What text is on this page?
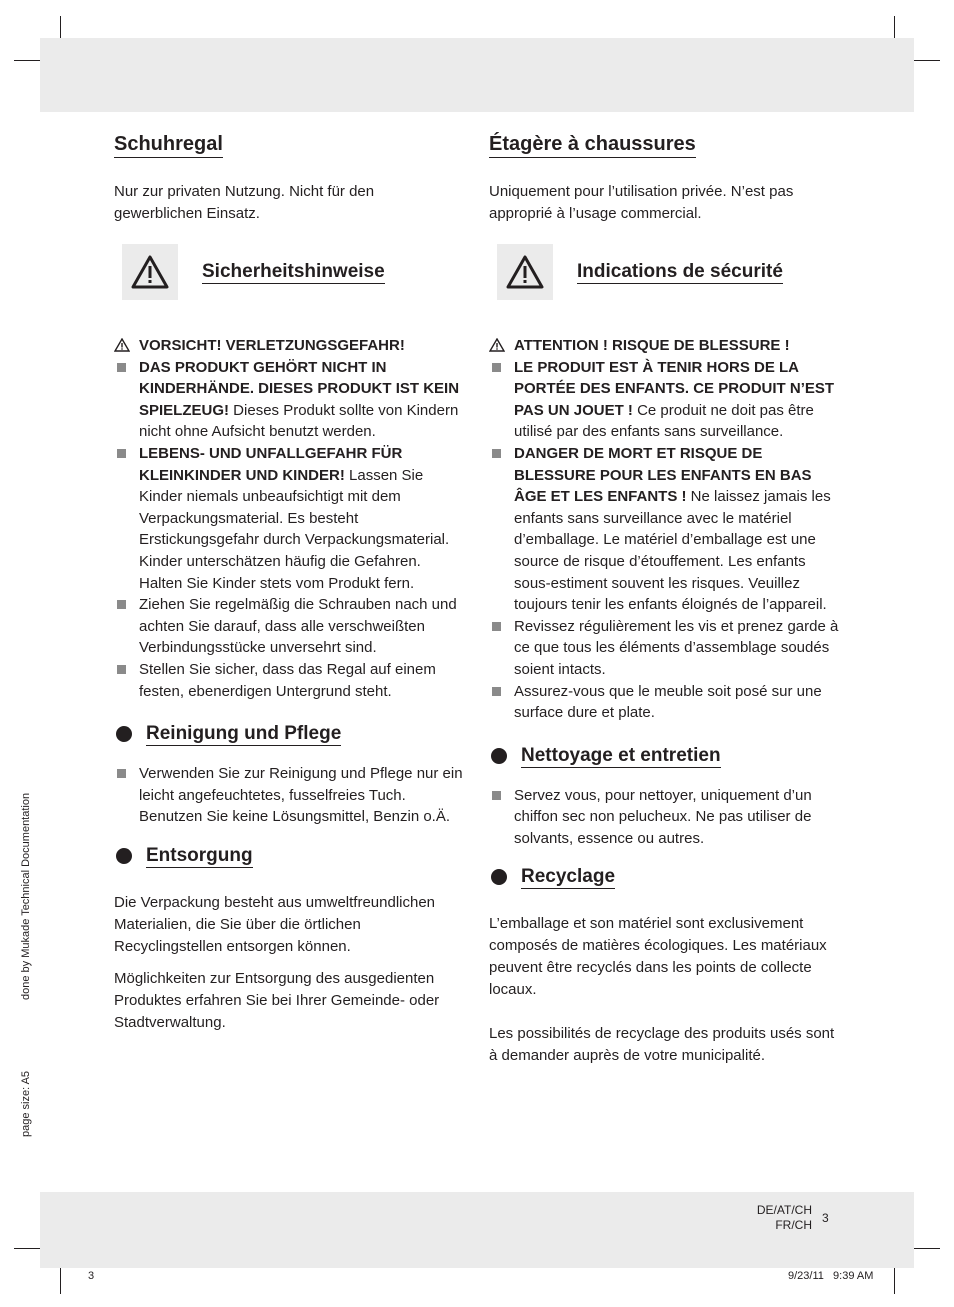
Schuhregal

Nur zur privaten Nutzung. Nicht für den gewerblichen Einsatz.

Sicherheitshinweise
VORSICHT! VERLETZUNGSGEFAHR!
DAS PRODUKT GEHÖRT NICHT IN KINDERHÄNDE. DIESES PRODUKT IST KEIN SPIELZEUG! Dieses Produkt sollte von Kindern nicht ohne Aufsicht benutzt werden.
LEBENS- UND UNFALLGEFAHR FÜR KLEINKINDER UND KINDER! Lassen Sie Kinder niemals unbeaufsichtigt mit dem Verpackungsmaterial. Es besteht Erstickungsgefahr durch Verpackungsmaterial. Kinder unterschätzen häufig die Gefahren. Halten Sie Kinder stets vom Produkt fern.
Ziehen Sie regelmäßig die Schrauben nach und achten Sie darauf, dass alle verschweißten Verbindungsstücke unversehrt sind.
Stellen Sie sicher, dass das Regal auf einem festen, ebenerdigen Untergrund steht.
Reinigung und Pflege
Verwenden Sie zur Reinigung und Pflege nur ein leicht angefeuchtetes, fusselfreies Tuch. Benutzen Sie keine Lösungsmittel, Benzin o.Ä.
Entsorgung

Die Verpackung besteht aus umweltfreundlichen Materialien, die Sie über die örtlichen Recyclingstellen entsorgen können.

Möglichkeiten zur Entsorgung des ausgedienten Produktes erfahren Sie bei Ihrer Gemeinde- oder Stadtverwaltung.

Étagère à chaussures

Uniquement pour l’utilisation privée. N’est pas approprié à l’usage commercial.

Indications de sécurité
ATTENTION ! RISQUE DE BLESSURE !
LE PRODUIT EST À TENIR HORS DE LA PORTÉE DES ENFANTS. CE PRODUIT N’EST PAS UN JOUET ! Ce produit ne doit pas être utilisé par des enfants sans surveillance.
DANGER DE MORT ET RISQUE DE BLESSURE POUR LES ENFANTS EN BAS ÂGE ET LES ENFANTS ! Ne laissez jamais les enfants sans surveillance avec le matériel d’emballage. Le matériel d’emballage est une source de risque d’étouffement. Les enfants sous-estiment souvent les risques. Veuillez toujours tenir les enfants éloignés de l’appareil.
Revissez régulièrement les vis et prenez garde à ce que tous les éléments d’assemblage soudés soient intacts.
Assurez-vous que le meuble soit posé sur une surface dure et plate.
Nettoyage et entretien
Servez vous, pour nettoyer, uniquement d’un chiffon sec non pelucheux. Ne pas utiliser de solvants, essence ou autres.
Recyclage

L’emballage et son matériel sont exclusivement composés de matières écologiques. Les matériaux peuvent être recyclés dans les points de collecte locaux.

Les possibilités de recyclage des produits usés sont à demander auprès de votre municipalité.

done by Mukade Technical Documentation
page size: A5
DE/AT/CH
FR/CH 3
3	9/23/11   9:39 AM
